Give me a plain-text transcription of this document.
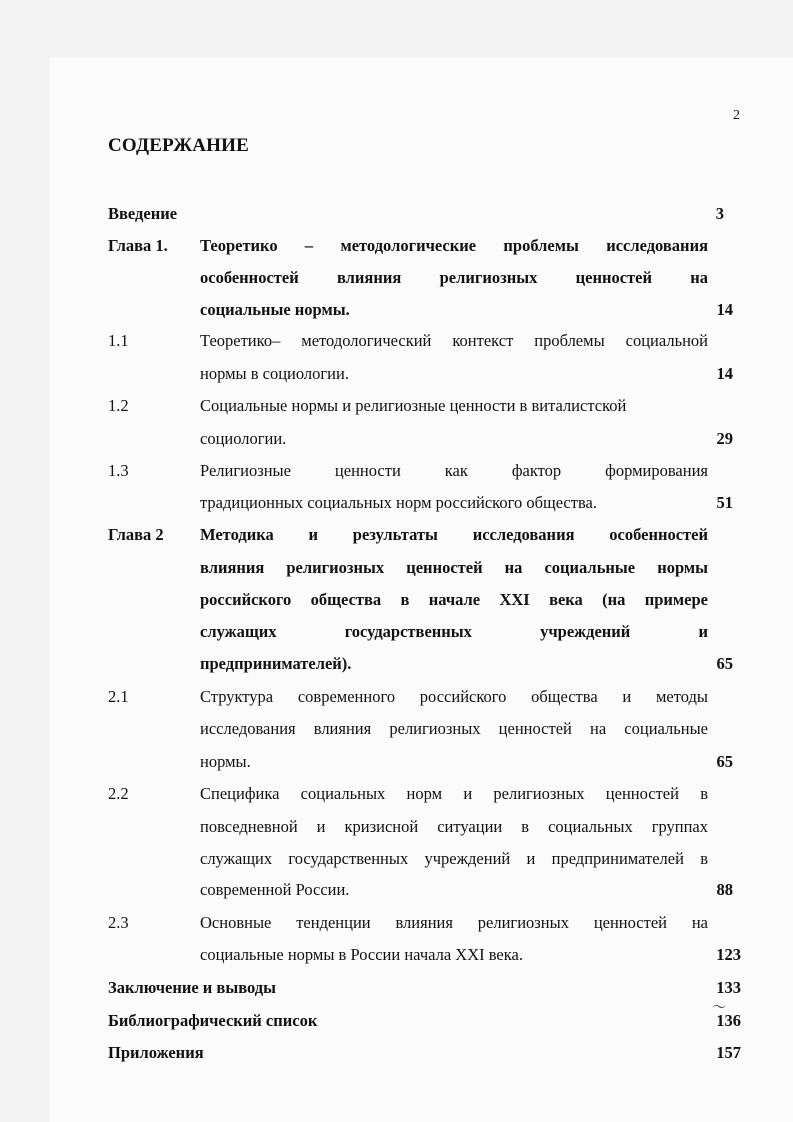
2
СОДЕРЖАНИЕ
Введение	3
Глава 1. Теоретико – методологические проблемы исследования
особенностей влияния религиозных ценностей на
социальные нормы.	14
1.1	Теоретико– методологический контекст проблемы социальной
нормы в социологии.	14
1.2	Социальные нормы и религиозные ценности в виталистской
социологии.	29
1.3	Религиозные ценности как фактор формирования
традиционных социальных норм российского общества.	51
Глава 2 Методика и результаты исследования особенностей
влияния религиозных ценностей на социальные нормы
российского общества в начале XXI века (на примере
служащих государственных учреждений и
предпринимателей).	65
2.1	Структура современного российского общества и методы
исследования влияния религиозных ценностей на социальные
нормы.	65
2.2	Специфика социальных норм и религиозных ценностей в
повседневной и кризисной ситуации в социальных группах
служащих государственных учреждений и предпринимателей в
современной России.	88
2.3	Основные тенденции влияния религиозных ценностей на
социальные нормы в России начала XXI века.	123
Заключение и выводы	133
〜
Библиографический список	136
Приложения	157
